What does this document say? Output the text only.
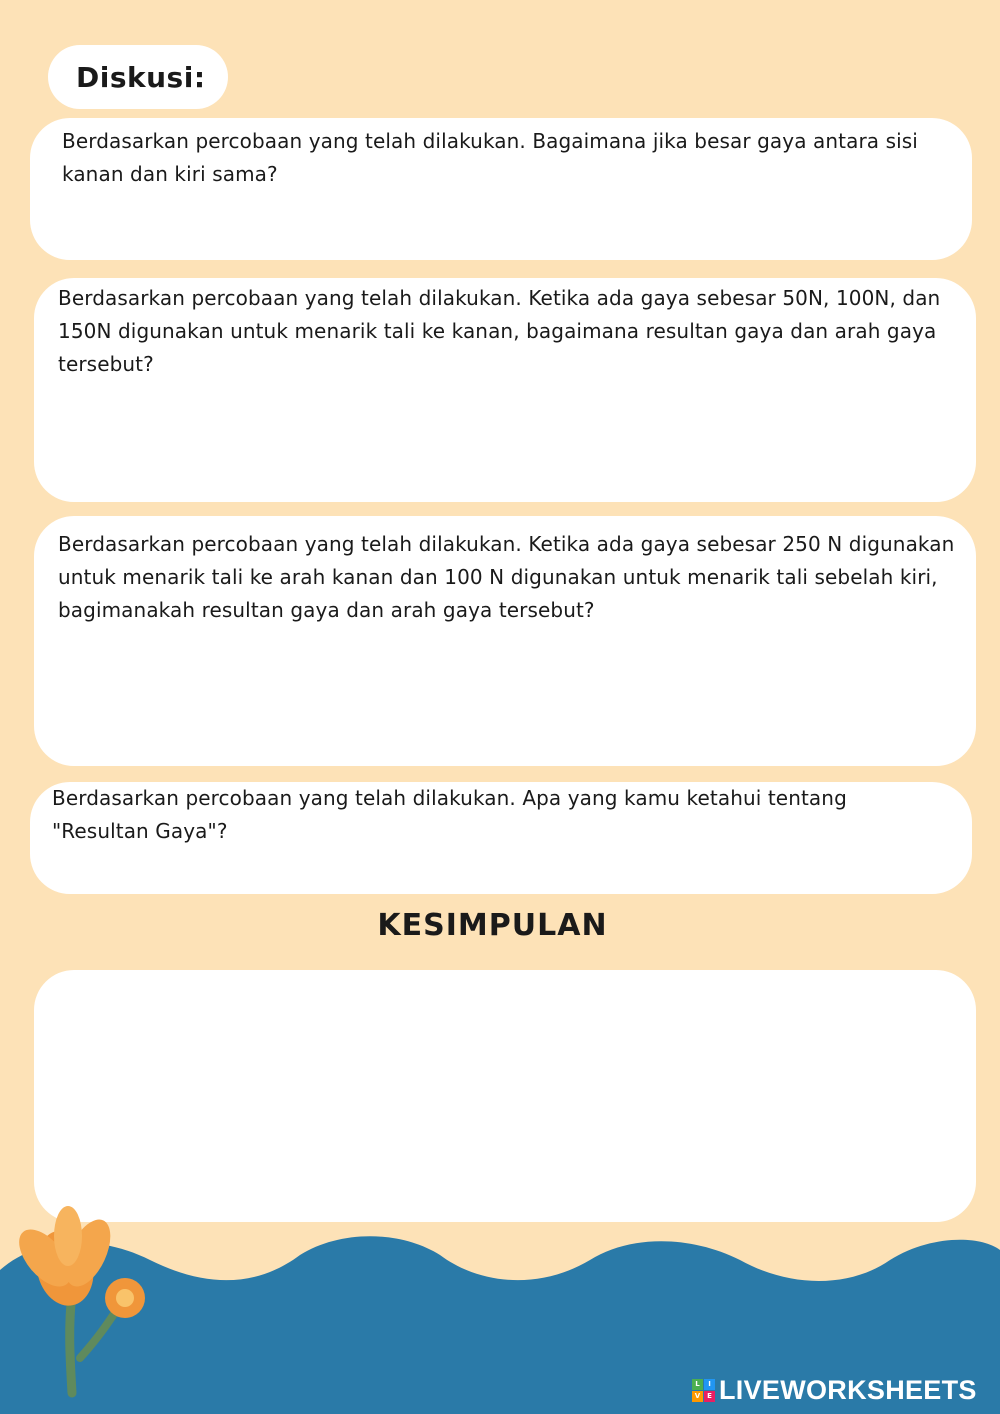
Diskusi:

Berdasarkan percobaan yang telah dilakukan. Bagaimana jika besar gaya antara sisi kanan dan kiri sama?

Berdasarkan percobaan yang telah dilakukan. Ketika ada gaya sebesar 50N, 100N, dan 150N digunakan untuk menarik tali ke kanan, bagaimana resultan gaya dan arah gaya tersebut?

Berdasarkan percobaan yang telah dilakukan. Ketika ada gaya sebesar 250 N digunakan untuk menarik tali ke arah kanan dan 100 N digunakan untuk menarik tali sebelah kiri, bagimanakah resultan gaya dan arah gaya tersebut?

Berdasarkan percobaan yang telah dilakukan. Apa yang kamu ketahui tentang "Resultan Gaya"?

KESIMPULAN
L	I
V E LIVEWORKSHEETS
